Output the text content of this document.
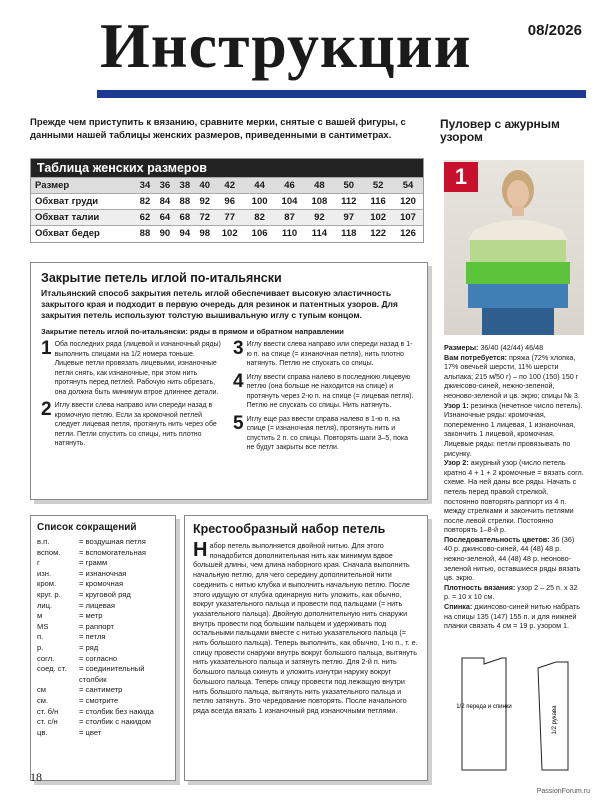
Инструкции	08/2026
Прежде чем приступить к вязанию, сравните мерки, снятые с вашей фигуры, с данными нашей таблицы женских размеров, приведенными в сантиметрах.
Таблица женских размеров
Размер	34	36	38	40	42	44	46	48	50	52	54
Обхват груди	82	84	88	92	96	100	104	108	112	116	120
Обхват талии	62	64	68	72	77	82	87	92	97	102	107
Обхват бедер	88	90	94	98	102	106	110	114	118	122	126
Закрытие петель иглой по-итальянски
Итальянский способ закрытия петель иглой обеспечивает высокую эластичность закрытого края и подходит в первую очередь для резинок и патентных узоров. Для закрытия петель используют толстую вышивальную иглу с тупым концом.
Закрытие петель иглой по-итальянски: ряды в прямом и обратном направлении
1 Оба последних ряда (лицевой и изнаночный ряды) выполнить спицами на 1/2 номера тоньше. Лицевые петли провязать лицевыми, изнаночные петли снять, как изнаночные, при этом нить протянуть перед петлей. Рабочую нить обрезать, она должна быть минимум втрое длиннее детали.
2 Иглу ввести слева направо или спереди назад в кромочную петлю. Если за кромочной петлей следует лицевая петля, протянуть нить через обе петли. Петли спустить со спицы, нить плотно натянуть.
3 Иглу ввести слева направо или спереди назад в 1-ю п. на спице (= изнаночная петля), нить плотно натянуть. Петлю не спускать со спицы.
4 Иглу ввести справа налево в последнюю лицевую петлю (она больше не находится на спице) и протянуть через 2-ю п. на спице (= лицевая петля). Петлю не спускать со спицы. Нить натянуть.
5 Иглу еще раз ввести справа налево в 1-ю п. на спице (= изнаночная петля), протянуть нить и спустить 2 п. со спицы. Повторять шаги 3–5, пока не будут закрыты все петли.
Список сокращений
в.п.	= воздушная петля
вспом.	= вспомогательная
г	= грамм
изн.	= изнаночная
кром.	= кромочная
круг. р.	= круговой ряд
лиц.	= лицевая
м	= метр
MS	= раппорт
п.	= петля
р.	= ряд
согл.	= согласно
соед. ст.	= соединительный столбик
см	= сантиметр
см.	= смотрите
ст. б/н	= столбик без накида
ст. с/н	= столбик с накидом
цв.	= цвет
Крестообразный набор петель
Набор петель выполняется двойной нитью. Для этого понадобится дополнительная нить как минимум вдвое большей длины, чем длина наборного края. Сначала выполнить начальную петлю, для чего середину дополнительной нити соединить с нитью клубка и выполнить начальную петлю. После этого идущую от клубка одинарную нить уложить, как обычно, вокруг указательного пальца и провести под пальцами (= нить указательного пальца). Двойную дополнительную нить снаружи внутрь провести под большим пальцем и удерживать под остальными пальцами вместе с нитью указательного пальца (= нить большого пальца). Теперь выполнить, как обычно, 1-ю п., т. е. спицу провести снаружи внутрь вокруг большого пальца, вытянуть нить указательного пальца и затянуть петлю. Для 2-й п. нить большого пальца скинуть и уложить изнутри наружу вокруг большого пальца. Теперь спицу провести под лежащую внутри нить большого пальца, вытянуть нить указательного пальца и петлю затянуть. Это чередование повторять. После начального ряда всегда вязать 1 изнаночный ряд изнаночными петлями.
Пуловер с ажурным узором
1
Размеры: 36/40 (42/44) 46/48
Вам потребуется: пряжа (72% хлопка, 17% овечьей шерсти, 11% шерсти альпака; 215 м/50 г) – по 100 (150) 150 г джинсово-синей, нежно-зеленой, неоново-зеленой и цв. экрю; спицы № 3.
Узор 1: резинка (нечетное число петель). Изнаночные ряды: кромочная, попеременно 1 лицевая, 1 изнаночная, закончить 1 лицевой, кромочная. Лицевые ряды: петли провязывать по рисунку.
Узор 2: ажурный узор (число петель кратно 4 + 1 + 2 кромочные = вязать согл. схеме. На ней даны все ряды. Начать с петель перед правой стрелкой, постоянно повторять раппорт из 4 п. между стрелками и закончить петлями после левой стрелки. Постоянно повторять 1–8-й р.
Последовательность цветов: 36 (36) 40 р. джинсово-синей, 44 (48) 48 р. нежно-зеленой, 44 (48) 48 р. неоново-зеленой нитью, оставшиеся ряды вязать цв. экрю.
Плотность вязания: узор 2 – 25 п. х 32 р. = 10 х 10 см.
Спинка: джинсово-синей нитью набрать на спицы 135 (147) 155 п. и для нижней планки связать 4 см = 19 р. узором 1.
1/2 переда и спинки	1/2 рукава
18
PassionForum.ru
